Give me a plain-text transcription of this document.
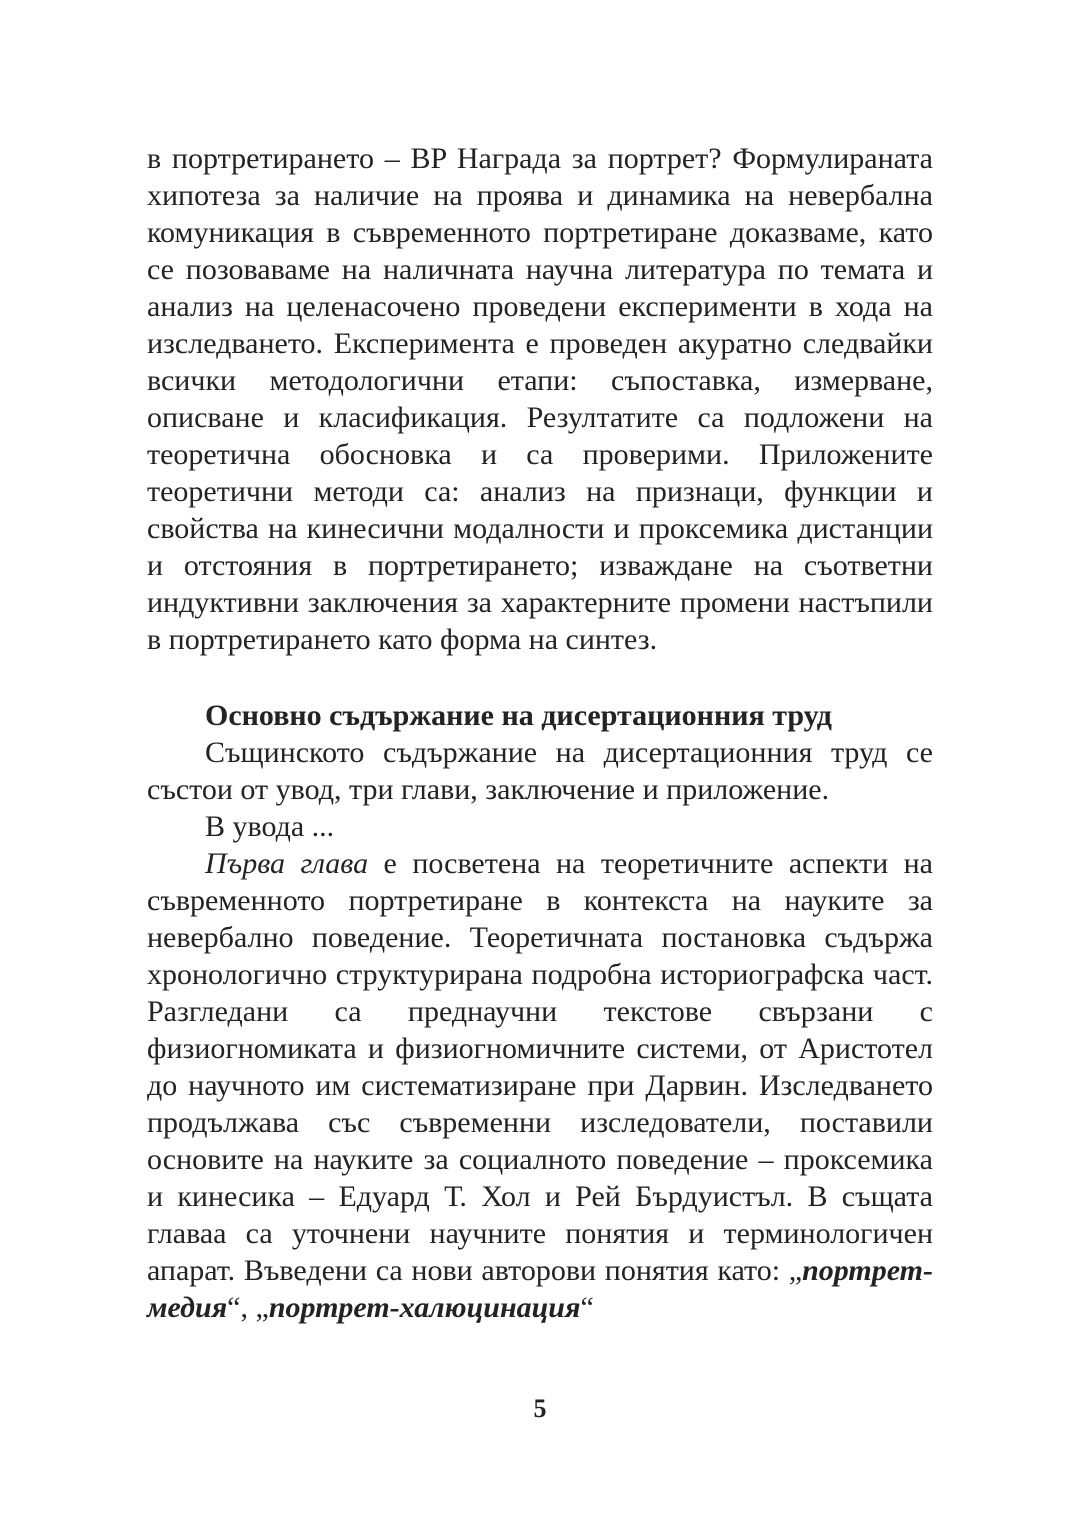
в портретирането – BP Награда за портрет? Формулираната хипотеза за наличие на проява и динамика на невербална комуникация в съвременното портретиране доказваме, като се позоваваме на наличната научна литература по темата и анализ на целенасочено проведени експерименти в хода на изследването. Експеримента е проведен акуратно следвайки всички методологични етапи: съпоставка, измерване, описване и класификация. Резултатите са подложени на теоретична обосновка и са проверими. Приложените теоретични методи са: анализ на признаци, функции и свойства на кинесични модалности и проксемика дистанции и отстояния в портретирането; изваждане на съответни индуктивни заключения за характерните промени настъпили в портретирането като форма на синтез.

Основно съдържание на дисертационния труд

Същинското съдържание на дисертационния труд се състои от увод, три глави, заключение и приложение.

В увода ...

Първа глава е посветена на теоретичните аспекти на съвременното портретиране в контекста на науките за невербално поведение. Теоретичната постановка съдържа хронологично структурирана подробна историографска част. Разгледани са преднаучни текстове свързани с физиогномиката и физиогномичните системи, от Аристотел до научното им систематизиране при Дарвин. Изследването продължава със съвременни изследователи, поставили основите на науките за социалното поведение – проксемика и кинесика – Едуард Т. Хол и Рей Бърдуистъл. В същата главаа са уточнени научните понятия и терминологичен апарат. Въведени са нови авторови понятия като: „портрет-медия“, „портрет-халюцинация“

5
